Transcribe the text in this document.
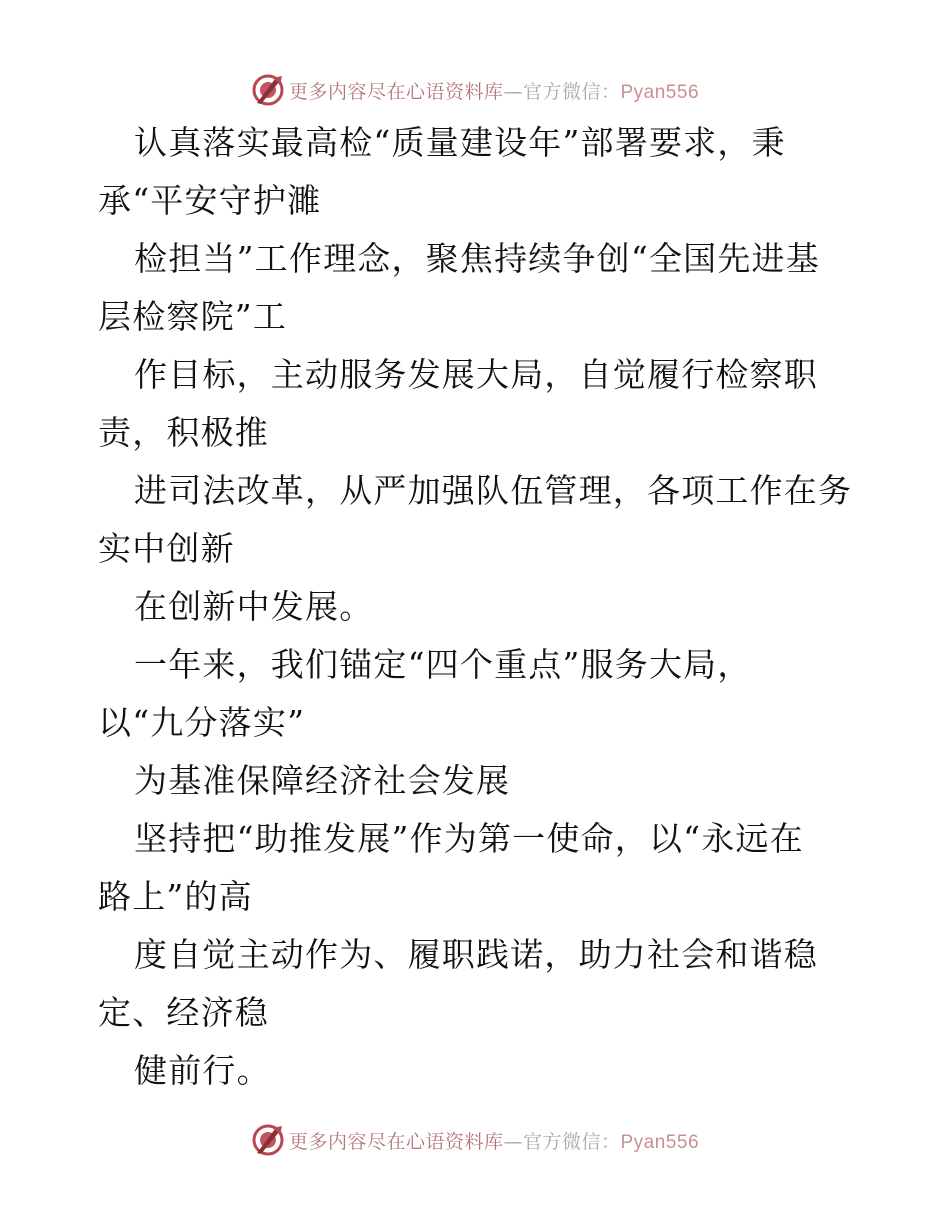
更多内容尽在心语资料库—官方微信：Pyan556
认真落实最高检“质量建设年”部署要求，秉
承“平安守护濉
检担当”工作理念，聚焦持续争创“全国先进基
层检察院”工
作目标，主动服务发展大局，自觉履行检察职
责，积极推
进司法改革，从严加强队伍管理，各项工作在务
实中创新
在创新中发展。
一年来，我们锚定“四个重点”服务大局，
以“九分落实”
为基准保障经济社会发展
坚持把“助推发展”作为第一使命，以“永远在
路上”的高
度自觉主动作为、履职践诺，助力社会和谐稳
定、经济稳
健前行。
更多内容尽在心语资料库—官方微信：Pyan556
